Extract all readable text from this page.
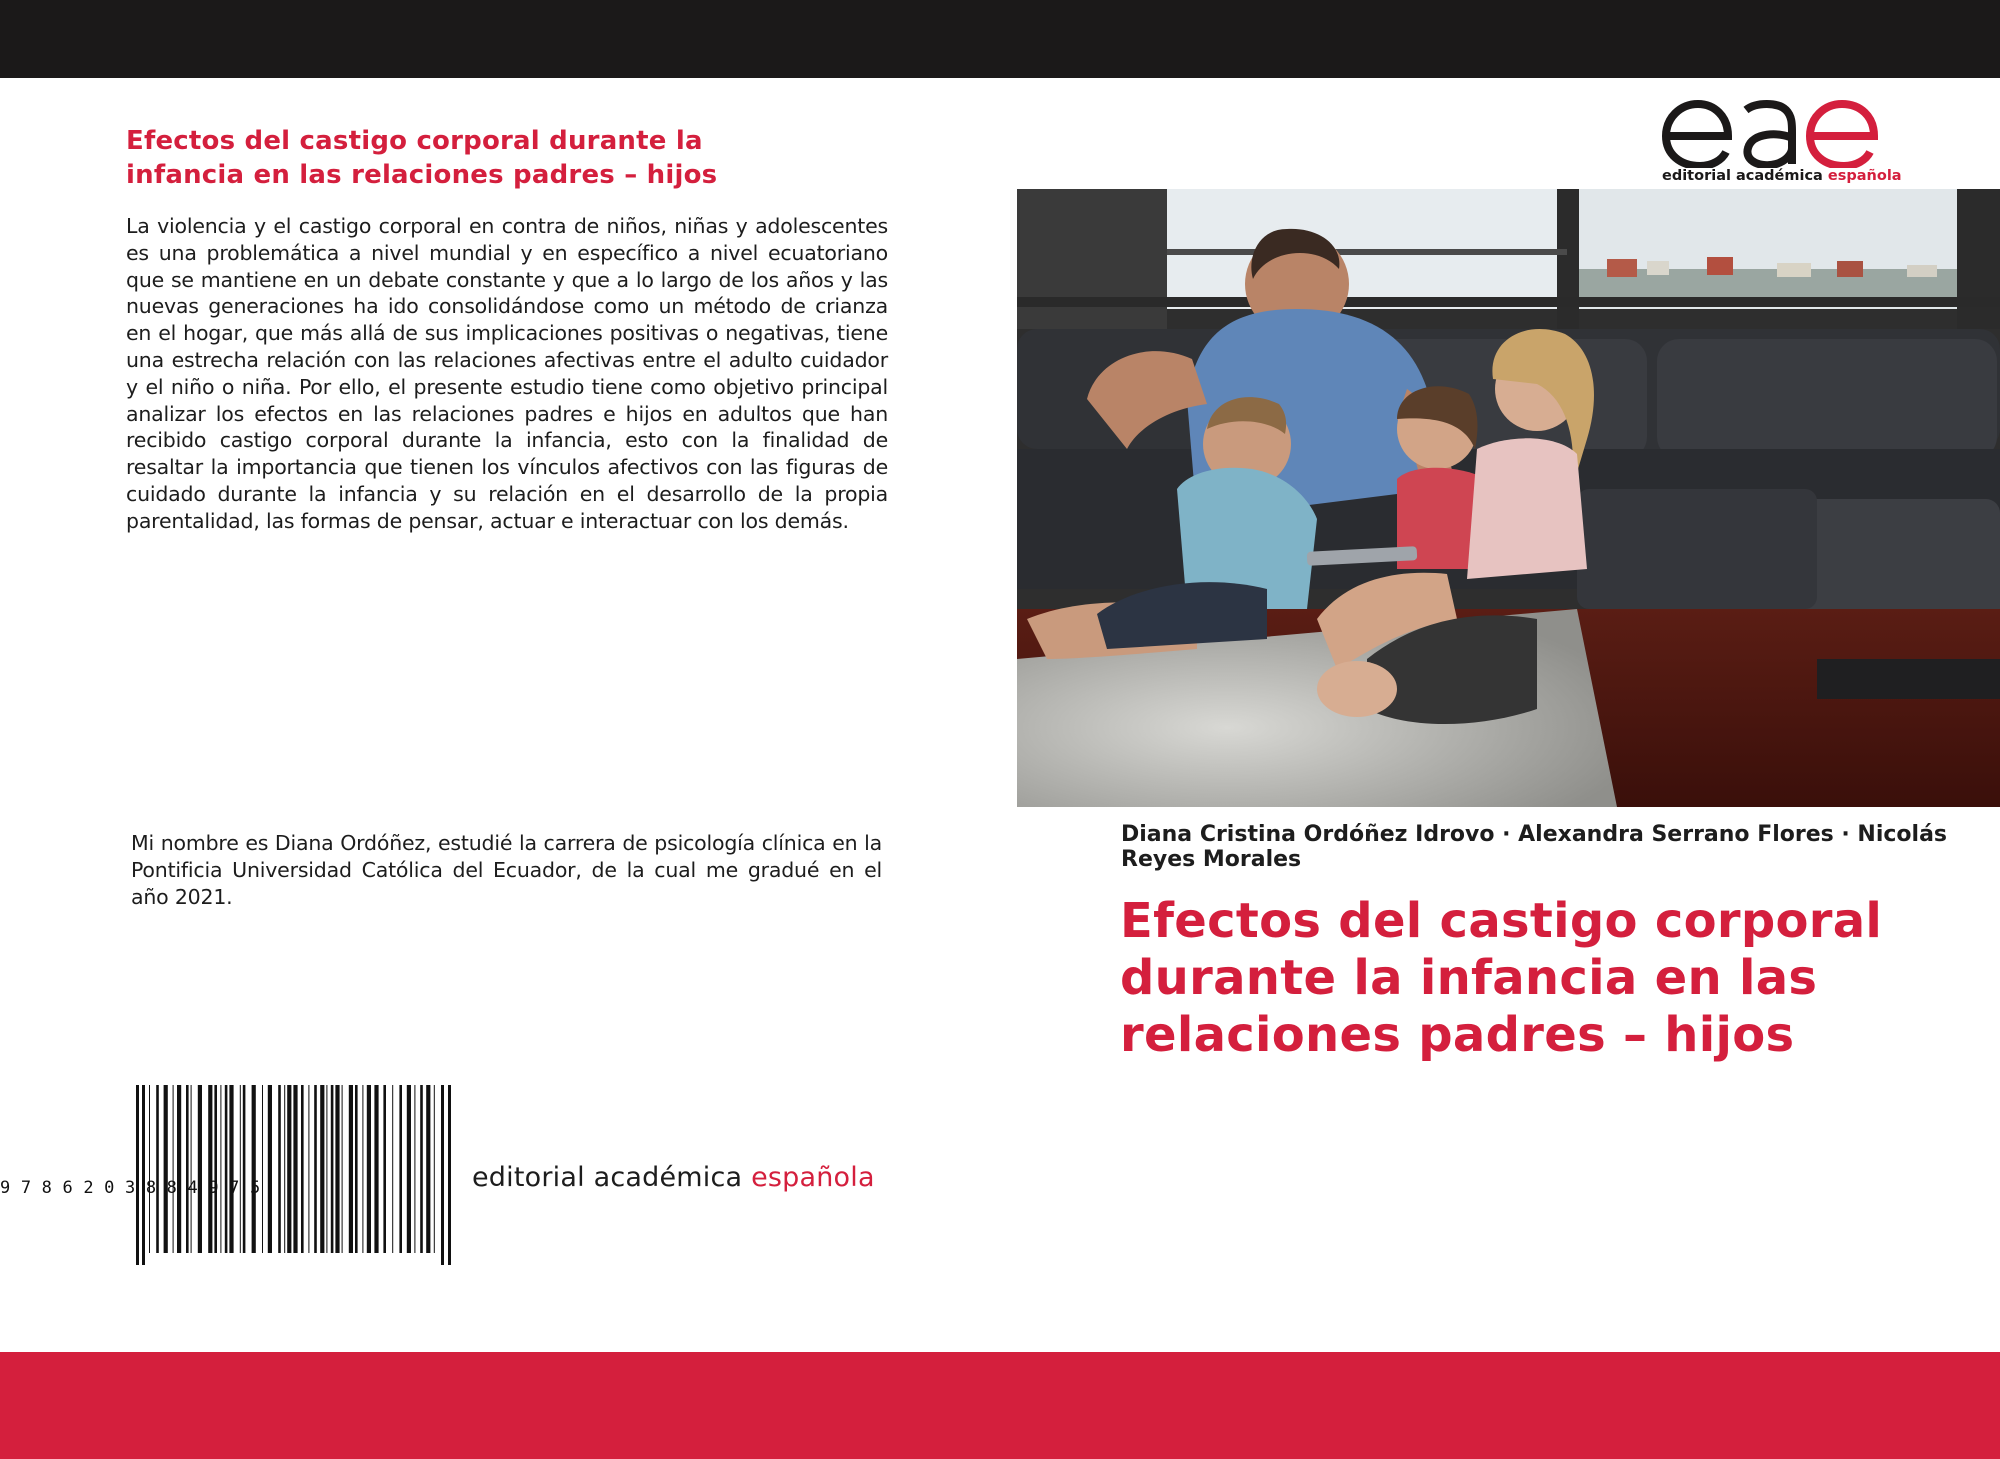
Efectos del castigo corporal durante la infancia en las relaciones padres – hijos

La violencia y el castigo corporal en contra de niños, niñas y adolescentes es una problemática a nivel mundial y en específico a nivel ecuatoriano que se mantiene en un debate constante y que a lo largo de los años y las nuevas generaciones ha ido consolidándose como un método de crianza en el hogar, que más allá de sus implicaciones positivas o negativas, tiene una estrecha relación con las relaciones afectivas entre el adulto cuidador y el niño o niña. Por ello, el presente estudio tiene como objetivo principal analizar los efectos en las relaciones padres e hijos en adultos que han recibido castigo corporal durante la infancia, esto con la finalidad de resaltar la importancia que tienen los vínculos afectivos con las figuras de cuidado durante la infancia y su relación en el desarrollo de la propia parentalidad, las formas de pensar, actuar e interactuar con los demás.

Mi nombre es Diana Ordóñez, estudié la carrera de psicología clínica en la Pontificia Universidad Católica del Ecuador, de la cual me gradué en el año 2021.

9786203884975	editorial académica española

editorial académica española

Diana Cristina Ordóñez Idrovo · Alexandra Serrano Flores · Nicolás Reyes Morales

Efectos del castigo corporal durante la infancia en las relaciones padres – hijos
